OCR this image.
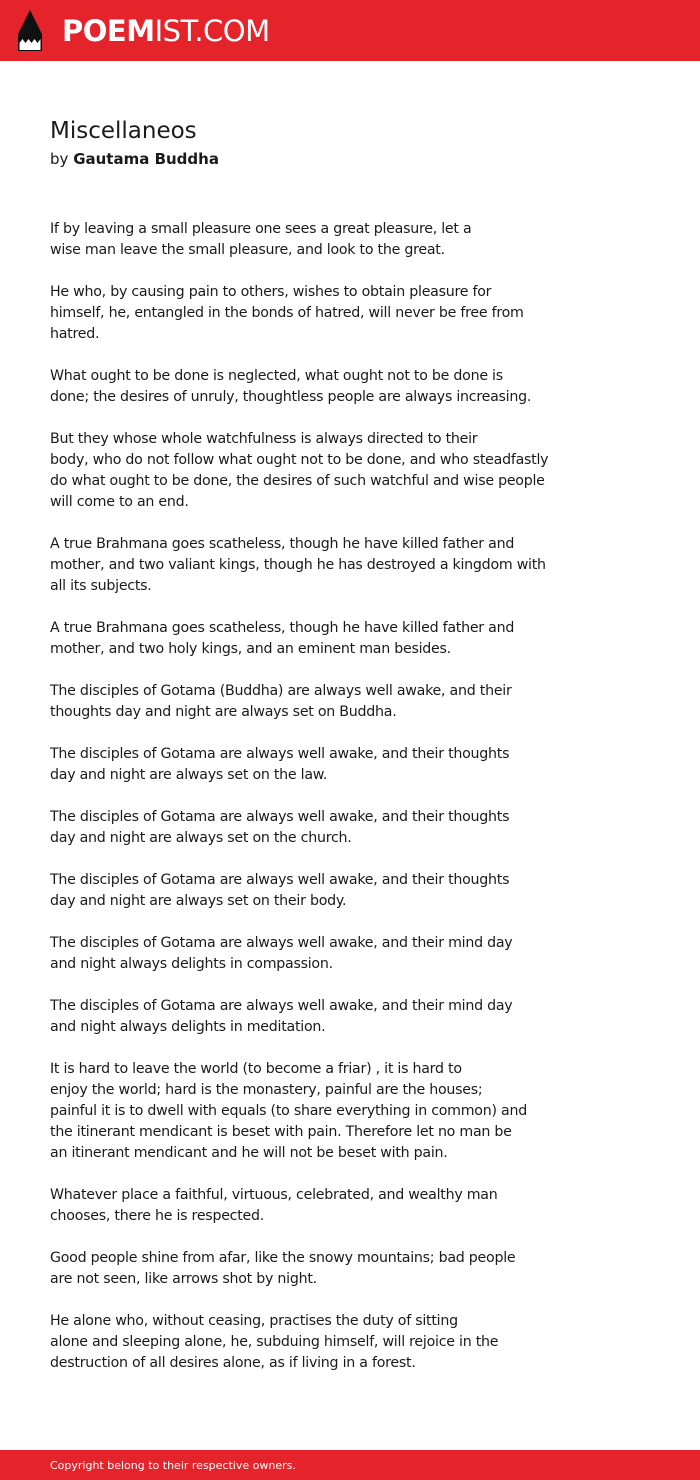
POEMIST.COM
Miscellaneos
by Gautama Buddha

If by leaving a small pleasure one sees a great pleasure, let a
wise man leave the small pleasure, and look to the great.

He who, by causing pain to others, wishes to obtain pleasure for
himself, he, entangled in the bonds of hatred, will never be free from
hatred.

What ought to be done is neglected, what ought not to be done is
done; the desires of unruly, thoughtless people are always increasing.

But they whose whole watchfulness is always directed to their
body, who do not follow what ought not to be done, and who steadfastly
do what ought to be done, the desires of such watchful and wise people
will come to an end.

A true Brahmana goes scatheless, though he have killed father and
mother, and two valiant kings, though he has destroyed a kingdom with
all its subjects.

A true Brahmana goes scatheless, though he have killed father and
mother, and two holy kings, and an eminent man besides.

The disciples of Gotama (Buddha) are always well awake, and their
thoughts day and night are always set on Buddha.

The disciples of Gotama are always well awake, and their thoughts
day and night are always set on the law.

The disciples of Gotama are always well awake, and their thoughts
day and night are always set on the church.

The disciples of Gotama are always well awake, and their thoughts
day and night are always set on their body.

The disciples of Gotama are always well awake, and their mind day
and night always delights in compassion.

The disciples of Gotama are always well awake, and their mind day
and night always delights in meditation.

It is hard to leave the world (to become a friar) , it is hard to
enjoy the world; hard is the monastery, painful are the houses;
painful it is to dwell with equals (to share everything in common) and
the itinerant mendicant is beset with pain. Therefore let no man be
an itinerant mendicant and he will not be beset with pain.

Whatever place a faithful, virtuous, celebrated, and wealthy man
chooses, there he is respected.

Good people shine from afar, like the snowy mountains; bad people
are not seen, like arrows shot by night.

He alone who, without ceasing, practises the duty of sitting
alone and sleeping alone, he, subduing himself, will rejoice in the
destruction of all desires alone, as if living in a forest.

Copyright belong to their respective owners.
